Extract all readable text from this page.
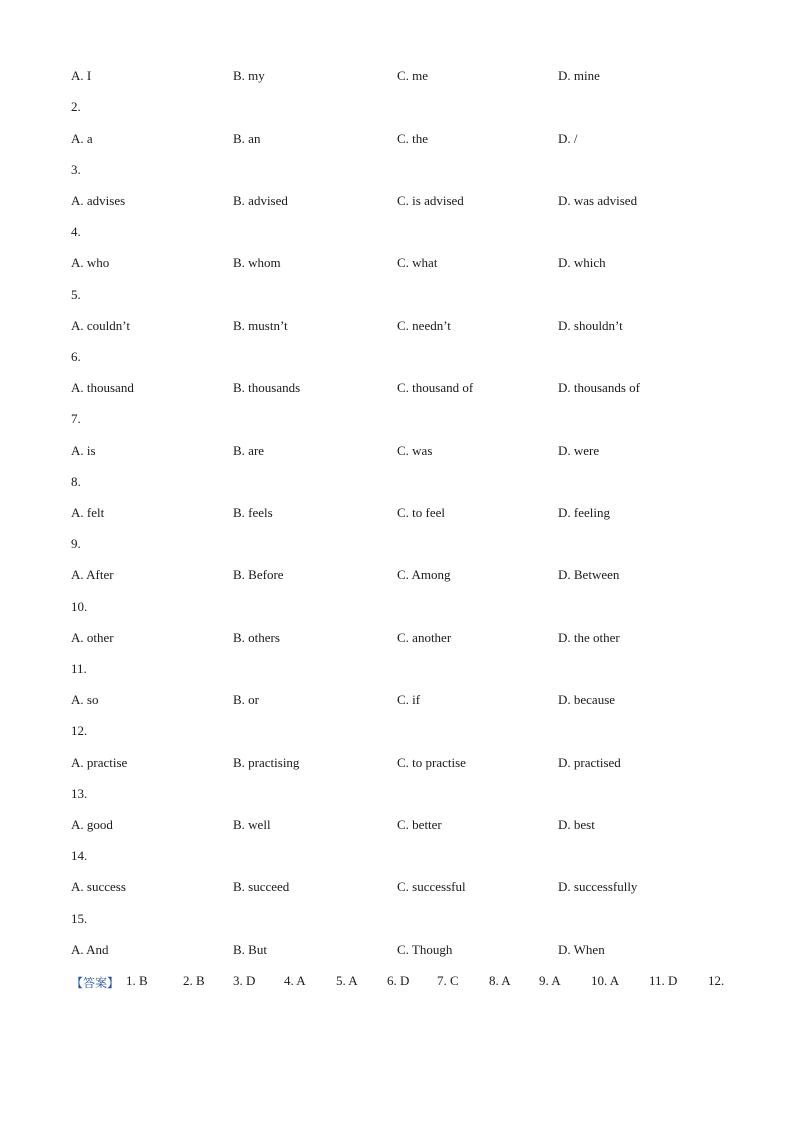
A. I	B. my	C. me	D. mine
2.
A. a	B. an	C. the	D. /
3.
A. advises	B. advised	C. is advised	D. was advised
4.
A. who	B. whom	C. what	D. which
5.
A. couldn’t	B. mustn’t	C. needn’t	D. shouldn’t
6.
A. thousand	B. thousands	C. thousand of	D. thousands of
7.
A. is	B. are	C. was	D. were
8.
A. felt	B. feels	C. to feel	D. feeling
9.
A. After	B. Before	C. Among	D. Between
10.
A. other	B. others	C. another	D. the other
11.
A. so	B. or	C. if	D. because
12.
A. practise	B. practising	C. to practise	D. practised
13.
A. good	B. well	C. better	D. best
14.
A. success	B. succeed	C. successful	D. successfully
15.
A. And	B. But	C. Though	D. When
【答案】 1. B	2. B 3. D 4. A 5. A 6. D 7. C 8. A 9. A 10. A 11. D 12.
